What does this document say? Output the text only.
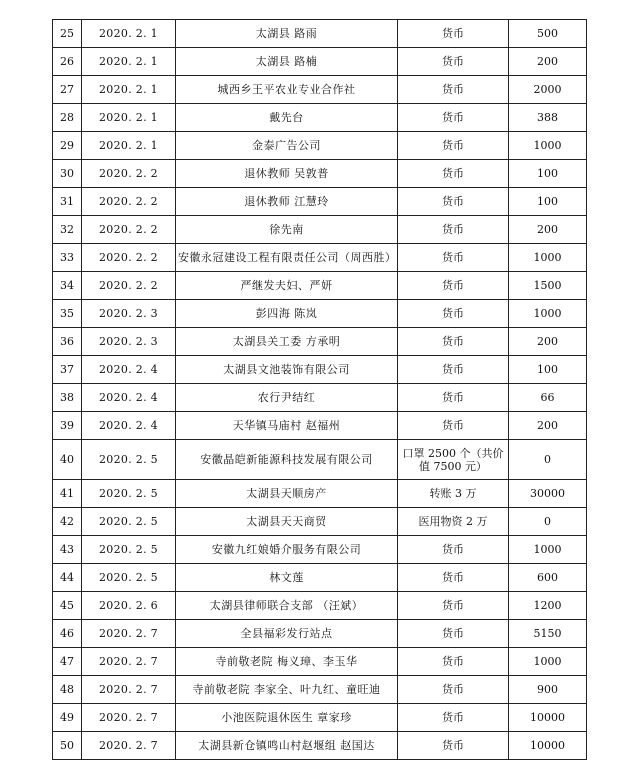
25	2020. 2. 1	太湖县 路雨	货币	500
26	2020. 2. 1	太湖县 路楠	货币	200
27	2020. 2. 1	城西乡王平农业专业合作社	货币	2000
28	2020. 2. 1	戴先台	货币	388
29	2020. 2. 1	金泰广告公司	货币	1000
30	2020. 2. 2	退休教师 吴敦普	货币	100
31	2020. 2. 2	退休教师 江慧玲	货币	100
32	2020. 2. 2	徐先南	货币	200
33	2020. 2. 2	安徽永冠建设工程有限责任公司（周西胜）	货币	1000
34	2020. 2. 2	严继发夫妇、严妍	货币	1500
35	2020. 2. 3	彭四海 陈岚	货币	1000
36	2020. 2. 3	太湖县关工委 方承明	货币	200
37	2020. 2. 4	太湖县文池装饰有限公司	货币	100
38	2020. 2. 4	农行尹结红	货币	66
39	2020. 2. 4	天华镇马庙村 赵福州	货币	200
40	2020. 2. 5	安徽晶皑新能源科技发展有限公司	口罩 2500 个（共价值 7500 元）	0
41	2020. 2. 5	太湖县天顺房产	转账 3 万	30000
42	2020. 2. 5	太湖县天天商贸	医用物资 2 万	0
43	2020. 2. 5	安徽九红娘婚介服务有限公司	货币	1000
44	2020. 2. 5	林文莲	货币	600
45	2020. 2. 6	太湖县律师联合支部 （汪斌）	货币	1200
46	2020. 2. 7	全县福彩发行站点	货币	5150
47	2020. 2. 7	寺前敬老院 梅义璋、李玉华	货币	1000
48	2020. 2. 7	寺前敬老院 李家全、叶九红、童旺迪	货币	900
49	2020. 2. 7	小池医院退休医生 章家珍	货币	10000
50	2020. 2. 7	太湖县新仓镇鸣山村赵堰组 赵国达	货币	10000
